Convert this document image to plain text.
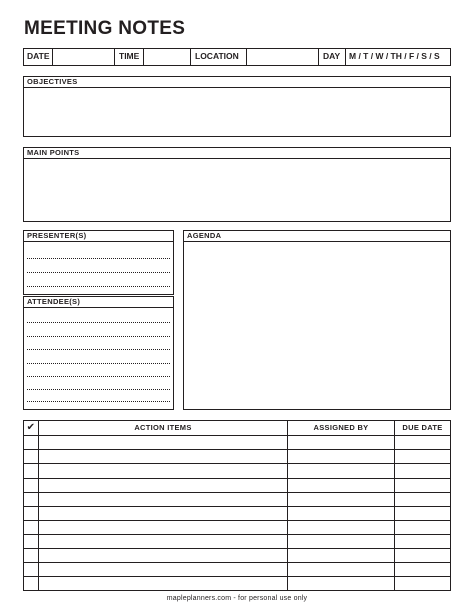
MEETING NOTES
DATE	TIME	LOCATION	DAY	M / T / W / TH / F / S / S
OBJECTIVES
MAIN POINTS
PRESENTER(S)
ATTENDEE(S)
AGENDA
✔	ACTION ITEMS	ASSIGNED BY	DUE DATE
mapleplanners.com - for personal use only
